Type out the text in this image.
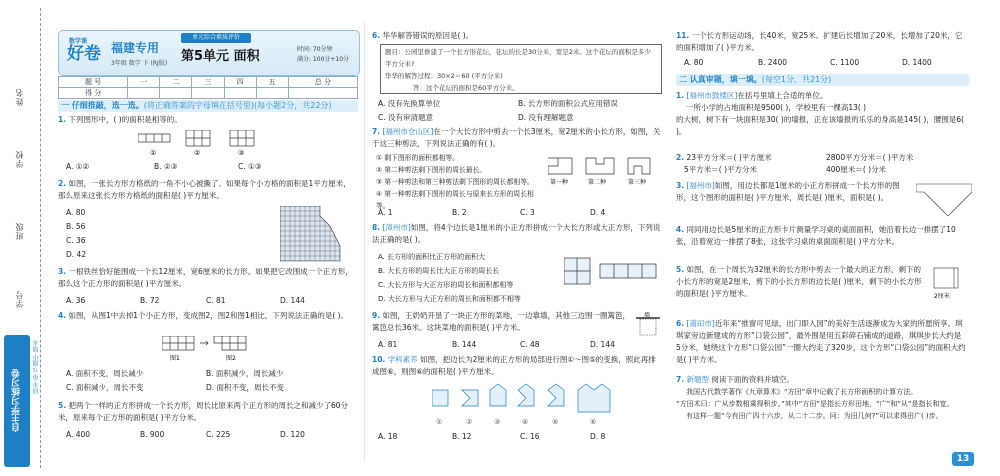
姓名
学校
班级
学号
自主学习练习卷
同步·单元·期中·期末
数学课
好卷 福建专用
3年级 数学 下 (RJ版)
单元综合素质评价
第5单元 面积	时间: 70分钟
满分: 100分+10分
题 号	一	二	三	四	五	总 分
得 分						
一 仔细推敲，选一选。(将正确答案的字母填在括号里)(每小题2分，共22分)
1. 下列图形中，( )的面积是相等的。
①	②	③
A. ①②	B. ②③	C. ①③
2. 如图，一张长方形方格纸的一角不小心被撕了。如果每个小方格的面积是1平方厘米，那么原来这张长方形方格纸的面积是( )平方厘米。
A. 80
B. 56
C. 36
D. 42
3. 一根铁丝恰好能围成一个长12厘米，宽6厘米的长方形。如果把它改围成一个正方形，那么这个正方形的面积是( )平方厘米。
A. 36	B. 72	C. 81	D. 144
4. 如图，从图1中去掉1个小正方形，变成图2，图2和图1相比，下列说法正确的是( )。
图1	图2
A. 面积不变，周长减少	B. 面积减少，周长减少
C. 面积减少，周长不变	D. 面积不变，周长不变
5. 把两个一样的正方形拼成一个长方形，周长比原来两个正方形的周长之和减少了60分米，原来每个正方形的面积是( )平方分米。
A. 400	B. 900	C. 225	D. 120
6. 华华解答错误的原因是( )。
题目：公园里修建了一个长方形花坛，花坛的长是30分米，宽是2米。这个花坛的面积是多少平方分米?
华华的解答过程：30×2＝60 (平方分米)
答：这个花坛的面积是60平方分米。
A. 没有先换算单位	B. 长方形的面积公式应用错误
C. 没有审清题意	D. 没有理解题意
7. [福州市仓山区]在一个大长方形中剪去一个长3厘米，宽2厘米的小长方形，如图，关于这三种剪法，下列说法正确的有( )。
① 剩下图形的面积都相等。
② 第二种剪法剩下图形的周长最长。
③ 第一种剪法和第三种剪法剩下图形的周长都相等。
④ 第一种剪法剩下图形的周长与原来长方形的周长相等。
第一种	第二种	第三种
A. 1	B. 2	C. 3	D. 4
8. [漳州市]如图，将4个边长是1厘米的小正方形拼成一个大长方形或大正方形，下列说法正确的是( )。
A. 长方形的面积比正方形的面积大
B. 大长方形的周长比大正方形的周长长
C. 大长方形与大正方形的周长和面积都相等
D. 大长方形与大正方形的周长和面积都不相等
9. 如图，王奶奶开垦了一块正方形的菜地，一边靠墙，其他三边围一圈篱笆，篱笆总长36米。这块菜地的面积是( )平方米。
墙
A. 81	B. 144	C. 48	D. 144
10. 学科素养 如图，把边长为2厘米的正方形的局部进行图①～图⑤的变换，照此再排成图⑥，则图⑥的面积是( )平方厘米。
①	②	③	④	⑤	⑥
A. 18	B. 12	C. 16	D. 8
11. 一个长方形运动场，长40米，宽25米。扩建后长增加了20米，长增加了20米，它的面积增加了( )平方米。
A. 80	B. 2400	C. 1100	D. 1400
二 认真审题，填一填。(每空1分，共21分)
1. [福州市鼓楼区]在括号里填上合适的单位。
一所小学的占地面积是9500( )，学校里有一棵高13( )
的大树，树下有一块面积是30( )的墙报，正在该墙报的乐乐的身高是145( )，腰围是6( )。
2. 23平方分米＝( )平方厘米	2800平方分米＝( )平方米
5平方米＝( )平方分米	400厘米＝( )分米
3. [福州市]如图，用边长都是1厘米的小正方形拼成一个长方形的图形，这个图形的面积是( )平方厘米，周长是( )厘米，面积是( )。
4. 同同用边长是5厘米的正方形卡片测量学习桌的桌面面积，她沿着长边一排摆了10张，沿着宽边一排摆了8张，这张学习桌的桌面面积是( )平方分米。
5. 如图，在一个周长为32厘米的长方形中剪去一个最大的正方形，剩下的小长方形的宽是2厘米，剪下的小长方形的边长是( )厘米，剩下的小长方形的面积是( )平方厘米。	2厘米
6. [莆田市]近年来“推窗可见绿，出门即入园”的美好生活逐渐成为大家的所愿所享。琪琪家旁边新建成的方形“口袋公园”，最外围是用五彩碎石铺成的道路，琪琪步长大约是5分米，她绕这个方形“口袋公园”一圈大约走了320步，这个方形“口袋公园”的面积大约是( )平方米。
7. 新题型 阅读下面的资料并填空。
我国古代数学著作《九章算术》“方田”章中记载了长方形面积的计算方法。
“方田术曰：广从步数相乘得积步。”其中“方田”是指长方形田地，“广”和“从”是指长和宽。
有这样一题“今有田广四十六步，从二十二步。问：为田几何?”可以求得田广( )步。
13
